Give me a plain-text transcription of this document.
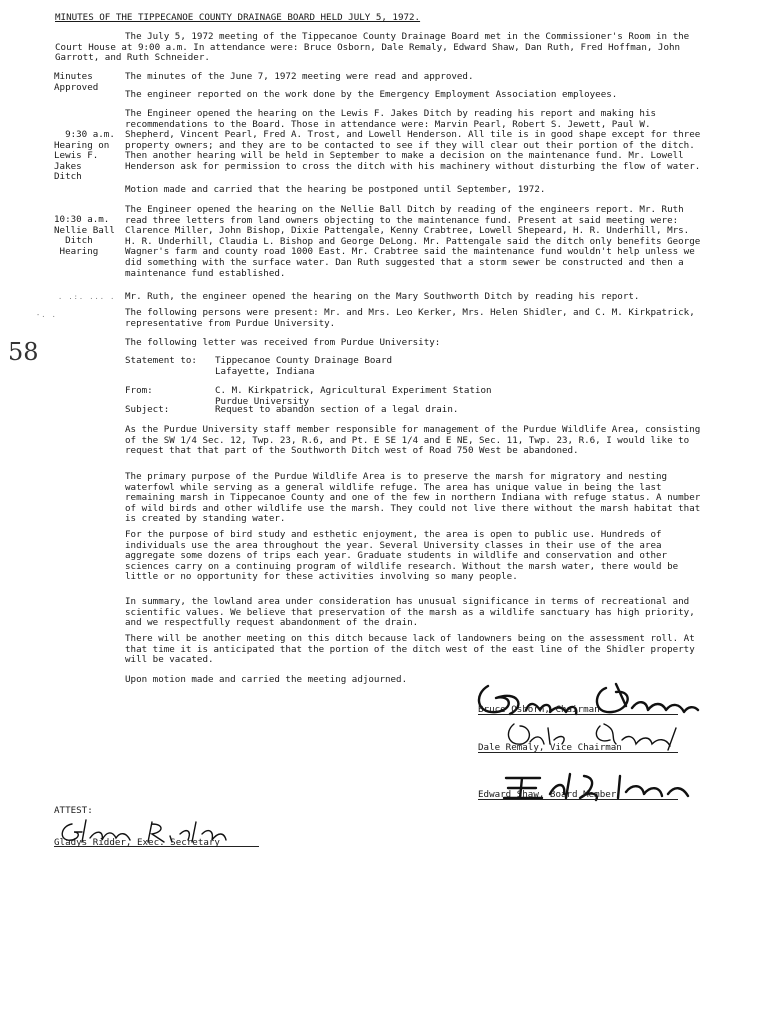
MINUTES OF THE TIPPECANOE COUNTY DRAINAGE BOARD HELD JULY 5, 1972.
58
. .:. ... .
-. .

The July 5, 1972 meeting of the Tippecanoe County Drainage Board met in the Commissioner's Room in the Court House at 9:00 a.m. In attendance were: Bruce Osborn, Dale Remaly, Edward Shaw, Dan Ruth, Fred Hoffman, John Garrott, and Ruth Schneider.

Minutes
Approved

The minutes of the June 7, 1972 meeting were read and approved.

The engineer reported on the work done by the Emergency Employment Association employees.

9:30 a.m.
Hearing on
Lewis F.
Jakes
Ditch

The Engineer opened the hearing on the Lewis F. Jakes Ditch by reading his report and making his recommendations to the Board. Those in attendance were: Marvin Pearl, Robert S. Jewett, Paul W. Shepherd, Vincent Pearl, Fred A. Trost, and Lowell Henderson. All tile is in good shape except for three property owners; and they are to be contacted to see if they will clear out their portion of the ditch. Then another hearing will be held in September to make a decision on the maintenance fund. Mr. Lowell Henderson ask for permission to cross the ditch with his machinery without disturbing the flow of water.

Motion made and carried that the hearing be postponed until September, 1972.

10:30 a.m.
Nellie Ball
Ditch
Hearing

The Engineer opened the hearing on the Nellie Ball Ditch by reading of the engineers report. Mr. Ruth read three letters from land owners objecting to the maintenance fund. Present at said meeting were: Clarence Miller, John Bishop, Dixie Pattengale, Kenny Crabtree, Lowell Shepeard, H. R. Underhill, Mrs. H. R. Underhill, Claudia L. Bishop and George DeLong. Mr. Pattengale said the ditch only benefits George Wagner's farm and county road 1000 East. Mr. Crabtree said the maintenance fund wouldn't help unless we did something with the surface water. Dan Ruth suggested that a storm sewer be constructed and then a maintenance fund established.

Mr. Ruth, the engineer opened the hearing on the Mary Southworth Ditch by reading his report.

The following persons were present: Mr. and Mrs. Leo Kerker, Mrs. Helen Shidler, and C. M. Kirkpatrick, representative from Purdue University.

The following letter was received from Purdue University:

Statement to: Tippecanoe County Drainage Board
Lafayette, Indiana

From:	C. M. Kirkpatrick, Agricultural Experiment Station
Purdue University

Subject:	Request to abandon section of a legal drain.

As the Purdue University staff member responsible for management of the Purdue Wildlife Area, consisting of the SW 1/4 Sec. 12, Twp. 23, R.6, and Pt. E SE 1/4 and E NE, Sec. 11, Twp. 23, R.6, I would like to request that that part of the Southworth Ditch west of Road 750 West be abandoned.

The primary purpose of the Purdue Wildlife Area is to preserve the marsh for migratory and nesting waterfowl while serving as a general wildlife refuge. The area has unique value in being the last remaining marsh in Tippecanoe County and one of the few in northern Indiana with refuge status. A number of wild birds and other wildlife use the marsh. They could not live there without the marsh habitat that is created by standing water.

For the purpose of bird study and esthetic enjoyment, the area is open to public use. Hundreds of individuals use the area throughout the year. Several University classes in their use of the area aggregate some dozens of trips each year. Graduate students in wildlife and conservation and other sciences carry on a continuing program of wildlife research. Without the marsh water, there would be little or no opportunity for these activities involving so many people.

In summary, the lowland area under consideration has unusual significance in terms of recreational and scientific values. We believe that preservation of the marsh as a wildlife sanctuary has high priority, and we respectfully request abandonment of the drain.

There will be another meeting on this ditch because lack of landowners being on the assessment roll. At that time it is anticipated that the portion of the ditch west of the east line of the Shidler property will be vacated.

Upon motion made and carried the meeting adjourned.

Bruce Osborn, Chairman
Dale Remaly, Vice Chairman
Edward Shaw, Board Member
ATTEST:
Gladys Ridder, Exec. Secretary
